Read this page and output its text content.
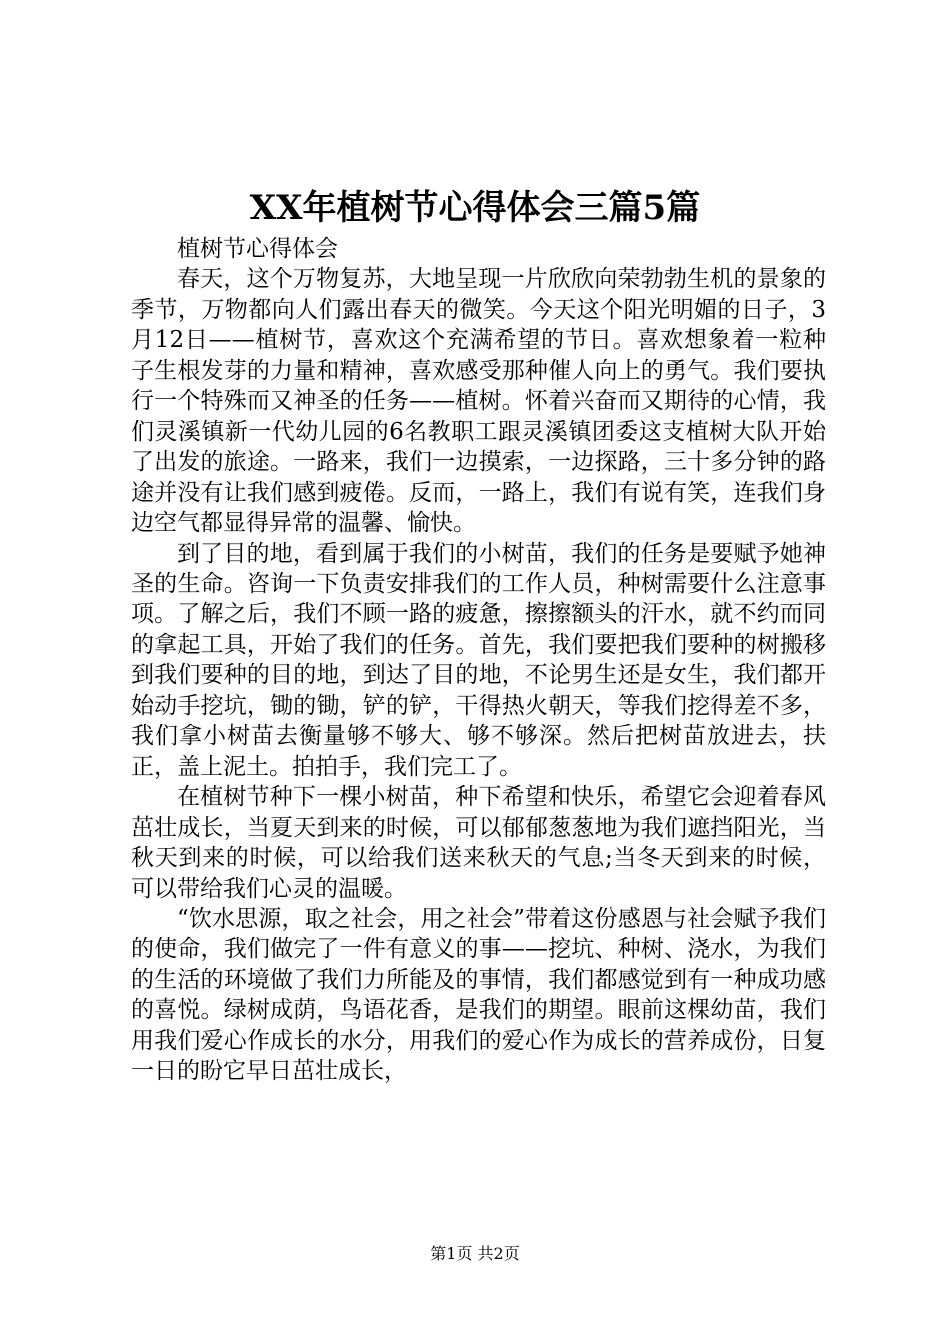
XX年植树节心得体会三篇5篇

植树节心得体会

春天，这个万物复苏，大地呈现一片欣欣向荣勃勃生机的景象的季节，万物都向人们露出春天的微笑。今天这个阳光明媚的日子，3月12日——植树节，喜欢这个充满希望的节日。喜欢想象着一粒种子生根发芽的力量和精神，喜欢感受那种催人向上的勇气。我们要执行一个特殊而又神圣的任务——植树。怀着兴奋而又期待的心情，我们灵溪镇新一代幼儿园的6名教职工跟灵溪镇团委这支植树大队开始了出发的旅途。一路来，我们一边摸索，一边探路，三十多分钟的路途并没有让我们感到疲倦。反而，一路上，我们有说有笑，连我们身边空气都显得异常的温馨、愉快。

到了目的地，看到属于我们的小树苗，我们的任务是要赋予她神圣的生命。咨询一下负责安排我们的工作人员，种树需要什么注意事项。了解之后，我们不顾一路的疲惫，擦擦额头的汗水，就不约而同的拿起工具，开始了我们的任务。首先，我们要把我们要种的树搬移到我们要种的目的地，到达了目的地，不论男生还是女生，我们都开始动手挖坑，锄的锄，铲的铲，干得热火朝天，等我们挖得差不多，我们拿小树苗去衡量够不够大、够不够深。然后把树苗放进去，扶正，盖上泥土。拍拍手，我们完工了。

在植树节种下一棵小树苗，种下希望和快乐，希望它会迎着春风茁壮成长，当夏天到来的时候，可以郁郁葱葱地为我们遮挡阳光，当秋天到来的时候，可以给我们送来秋天的气息;当冬天到来的时候，可以带给我们心灵的温暖。

“饮水思源，取之社会，用之社会”带着这份感恩与社会赋予我们的使命，我们做完了一件有意义的事——挖坑、种树、浇水，为我们的生活的环境做了我们力所能及的事情，我们都感觉到有一种成功感的喜悦。绿树成荫，鸟语花香，是我们的期望。眼前这棵幼苗，我们用我们爱心作成长的水分，用我们的爱心作为成长的营养成份，日复一日的盼它早日茁壮成长，

第1页 共2页
